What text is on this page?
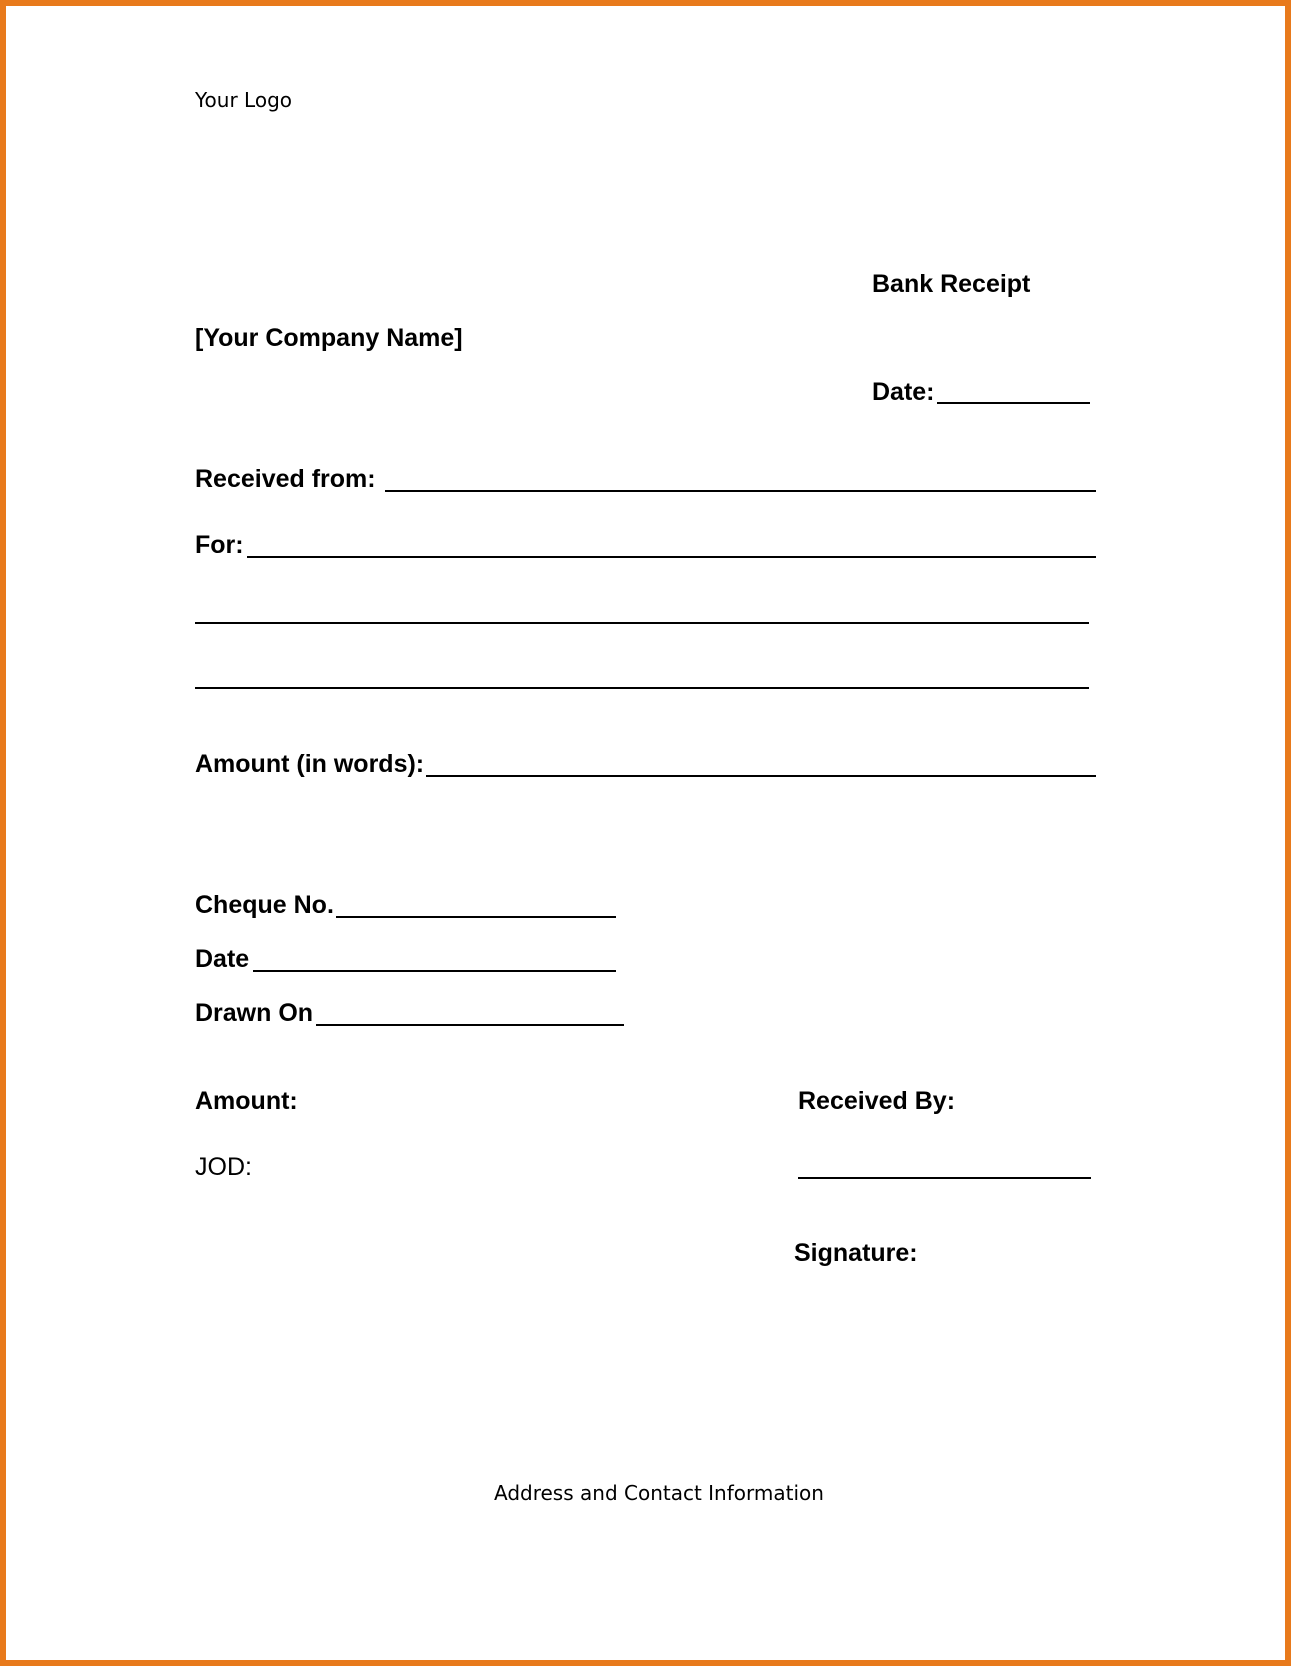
Your Logo
Bank Receipt
[Your Company Name]
Date:
Received from:
For:
Amount (in words):
Cheque No.
Date
Drawn On
Amount:	Received By:
JOD:
Signature:
Address and Contact Information
